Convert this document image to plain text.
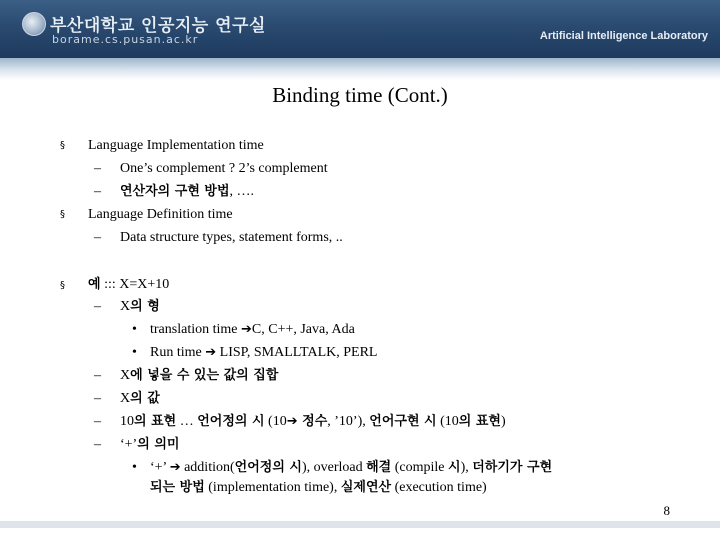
부산대학교 인공지능 연구실
borame.cs.pusan.ac.kr	Artificial Intelligence Laboratory
Binding time (Cont.)
§ Language Implementation time
– One’s complement ? 2’s complement
– 연산자의 구현 방법, ….
§ Language Definition time
– Data structure types, statement forms, ..
§ 예 ::: X=X+10
– X의 형
• translation time ➔C, C++, Java, Ada
• Run time ➔ LISP, SMALLTALK, PERL
– X에 넣을 수 있는 값의 집합
– X의 값
– 10의 표현 … 언어정의 시 (10➔ 정수, ’10’), 언어구현 시 (10의 표현)
– ‘+’의 의미
• ‘+’ ➔ addition(언어정의 시), overload 해결 (compile 시), 더하기가 구현
되는 방법 (implementation time), 실제연산 (execution time)
8
